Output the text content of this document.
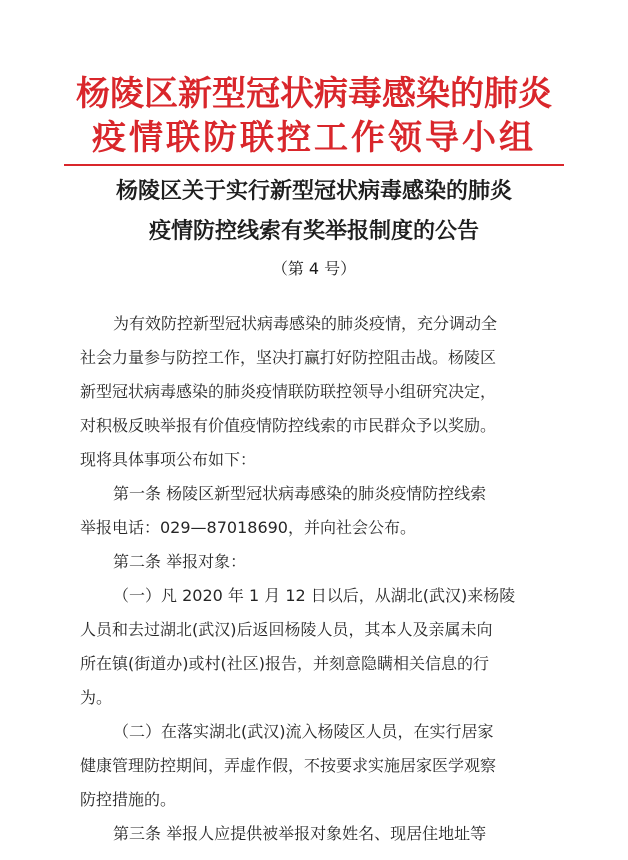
杨陵区新型冠状病毒感染的肺炎
疫情联防联控工作领导小组
杨陵区关于实行新型冠状病毒感染的肺炎
疫情防控线索有奖举报制度的公告
（第 4 号）
为有效防控新型冠状病毒感染的肺炎疫情，充分调动全
社会力量参与防控工作，坚决打赢打好防控阻击战。杨陵区
新型冠状病毒感染的肺炎疫情联防联控领导小组研究决定，
对积极反映举报有价值疫情防控线索的市民群众予以奖励。
现将具体事项公布如下：
第一条 杨陵区新型冠状病毒感染的肺炎疫情防控线索
举报电话：029—87018690，并向社会公布。
第二条 举报对象：
（一）凡 2020 年 1 月 12 日以后，从湖北(武汉)来杨陵
人员和去过湖北(武汉)后返回杨陵人员，其本人及亲属未向
所在镇(街道办)或村(社区)报告，并刻意隐瞒相关信息的行
为。
（二）在落实湖北(武汉)流入杨陵区人员，在实行居家
健康管理防控期间，弄虚作假，不按要求实施居家医学观察
防控措施的。
第三条 举报人应提供被举报对象姓名、现居住地址等
